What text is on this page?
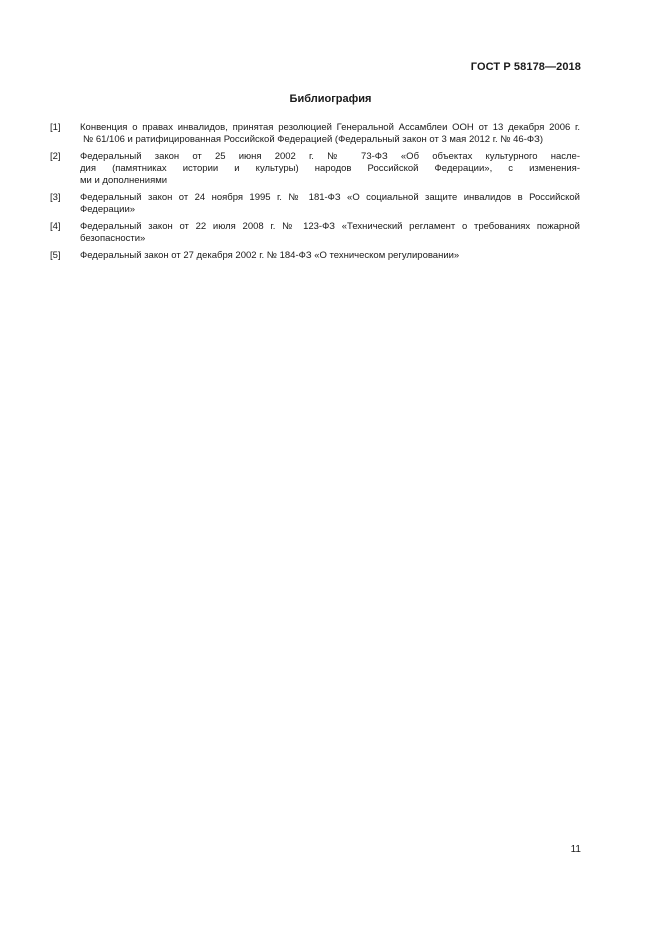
ГОСТ Р 58178—2018
Библиография
[1]	Конвенция о правах инвалидов, принятая резолюцией Генеральной Ассамблеи ООН от 13 декабря 2006 г.
№ 61/106 и ратифицированная Российской Федерацией (Федеральный закон от 3 мая 2012 г. № 46-ФЗ)
[2]	Федеральный закон от 25 июня 2002 г. № 73-ФЗ «Об объектах культурного насле-
дия (памятниках истории и культуры) народов Российской Федерации», с изменения-
ми и дополнениями
[3]	Федеральный закон от 24 ноября 1995 г. № 181-ФЗ «О социальной защите инвалидов в Российской
Федерации»
[4]	Федеральный закон от 22 июля 2008 г. № 123-ФЗ «Технический регламент о требованиях пожарной
безопасности»
[5]	Федеральный закон от 27 декабря 2002 г. № 184-ФЗ «О техническом регулировании»
11
